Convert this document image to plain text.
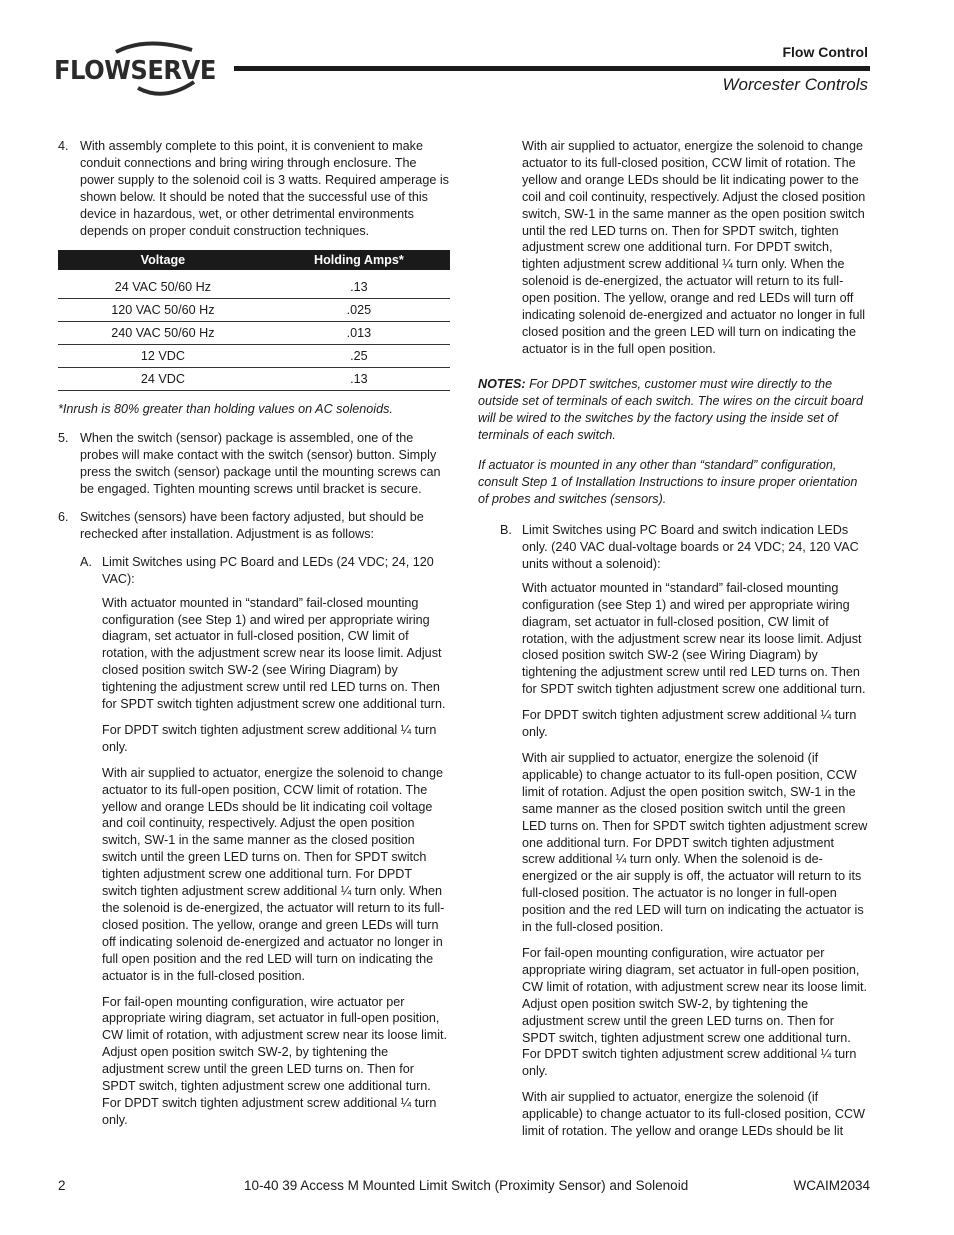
FLOWSERVE
Flow Control
Worcester Controls
4. With assembly complete to this point, it is convenient to make conduit connections and bring wiring through enclosure. The power supply to the solenoid coil is 3 watts. Required amperage is shown below. It should be noted that the successful use of this device in hazardous, wet, or other detrimental environments depends on proper conduit construction techniques.
Voltage	Holding Amps*
24 VAC 50/60 Hz	.13
120 VAC 50/60 Hz	.025
240 VAC 50/60 Hz	.013
12 VDC	.25
24 VDC	.13

*Inrush is 80% greater than holding values on AC solenoids.

5. When the switch (sensor) package is assembled, one of the probes will make contact with the switch (sensor) button. Simply press the switch (sensor) package until the mounting screws can be engaged. Tighten mounting screws until bracket is secure.
6. Switches (sensors) have been factory adjusted, but should be rechecked after installation. Adjustment is as follows:
A. Limit Switches using PC Board and LEDs (24 VDC; 24, 120 VAC):

With actuator mounted in “standard” fail-closed mounting configuration (see Step 1) and wired per appropriate wiring diagram, set actuator in full-closed position, CW limit of rotation, with the adjustment screw near its loose limit. Adjust closed position switch SW-2 (see Wiring Diagram) by tightening the adjustment screw until red LED turns on. Then for SPDT switch tighten adjustment screw one additional turn.

For DPDT switch tighten adjustment screw additional ¼ turn only.

With air supplied to actuator, energize the solenoid to change actuator to its full-open position, CCW limit of rotation. The yellow and orange LEDs should be lit indicating coil voltage and coil continuity, respectively. Adjust the open position switch, SW-1 in the same manner as the closed position switch until the green LED turns on. Then for SPDT switch tighten adjustment screw one additional turn. For DPDT switch tighten adjustment screw additional ¼ turn only. When the solenoid is de-energized, the actuator will return to its full-closed position. The yellow, orange and green LEDs will turn off indicating solenoid de-energized and actuator no longer in full open position and the red LED will turn on indicating the actuator is in the full-closed position.

For fail-open mounting configuration, wire actuator per appropriate wiring diagram, set actuator in full-open position, CW limit of rotation, with adjustment screw near its loose limit. Adjust open position switch SW-2, by tightening the adjustment screw until the green LED turns on. Then for SPDT switch, tighten adjustment screw one additional turn. For DPDT switch tighten adjustment screw additional ¼ turn only.

With air supplied to actuator, energize the solenoid to change actuator to its full-closed position, CCW limit of rotation. The yellow and orange LEDs should be lit indicating power to the coil and coil continuity, respectively. Adjust the closed position switch, SW-1 in the same manner as the open position switch until the red LED turns on. Then for SPDT switch, tighten adjustment screw one additional turn. For DPDT switch, tighten adjustment screw additional ¼ turn only. When the solenoid is de-energized, the actuator will return to its full-open position. The yellow, orange and red LEDs will turn off indicating solenoid de-energized and actuator no longer in full closed position and the green LED will turn on indicating the actuator is in the full open position.

NOTES: For DPDT switches, customer must wire directly to the outside set of terminals of each switch. The wires on the circuit board will be wired to the switches by the factory using the inside set of terminals of each switch.

If actuator is mounted in any other than “standard” configuration, consult Step 1 of Installation Instructions to insure proper orientation of probes and switches (sensors).

B. Limit Switches using PC Board and switch indication LEDs only. (240 VAC dual-voltage boards or 24 VDC; 24, 120 VAC units without a solenoid):

With actuator mounted in “standard” fail-closed mounting configuration (see Step 1) and wired per appropriate wiring diagram, set actuator in full-closed position, CW limit of rotation, with the adjustment screw near its loose limit. Adjust closed position switch SW-2 (see Wiring Diagram) by tightening the adjustment screw until red LED turns on. Then for SPDT switch tighten adjustment screw one additional turn.

For DPDT switch tighten adjustment screw additional ¼ turn only.

With air supplied to actuator, energize the solenoid (if applicable) to change actuator to its full-open position, CCW limit of rotation. Adjust the open position switch, SW-1 in the same manner as the closed position switch until the green LED turns on. Then for SPDT switch tighten adjustment screw one additional turn. For DPDT switch tighten adjustment screw additional ¼ turn only. When the solenoid is de-energized or the air supply is off, the actuator will return to its full-closed position. The actuator is no longer in full-open position and the red LED will turn on indicating the actuator is in the full-closed position.

For fail-open mounting configuration, wire actuator per appropriate wiring diagram, set actuator in full-open position, CW limit of rotation, with adjustment screw near its loose limit. Adjust open position switch SW-2, by tightening the adjustment screw until the green LED turns on. Then for SPDT switch, tighten adjustment screw one additional turn. For DPDT switch tighten adjustment screw additional ¼ turn only.

With air supplied to actuator, energize the solenoid (if applicable) to change actuator to its full-closed position, CCW limit of rotation. The yellow and orange LEDs should be lit

2	10-40 39 Access M Mounted Limit Switch (Proximity Sensor) and Solenoid	WCAIM2034
